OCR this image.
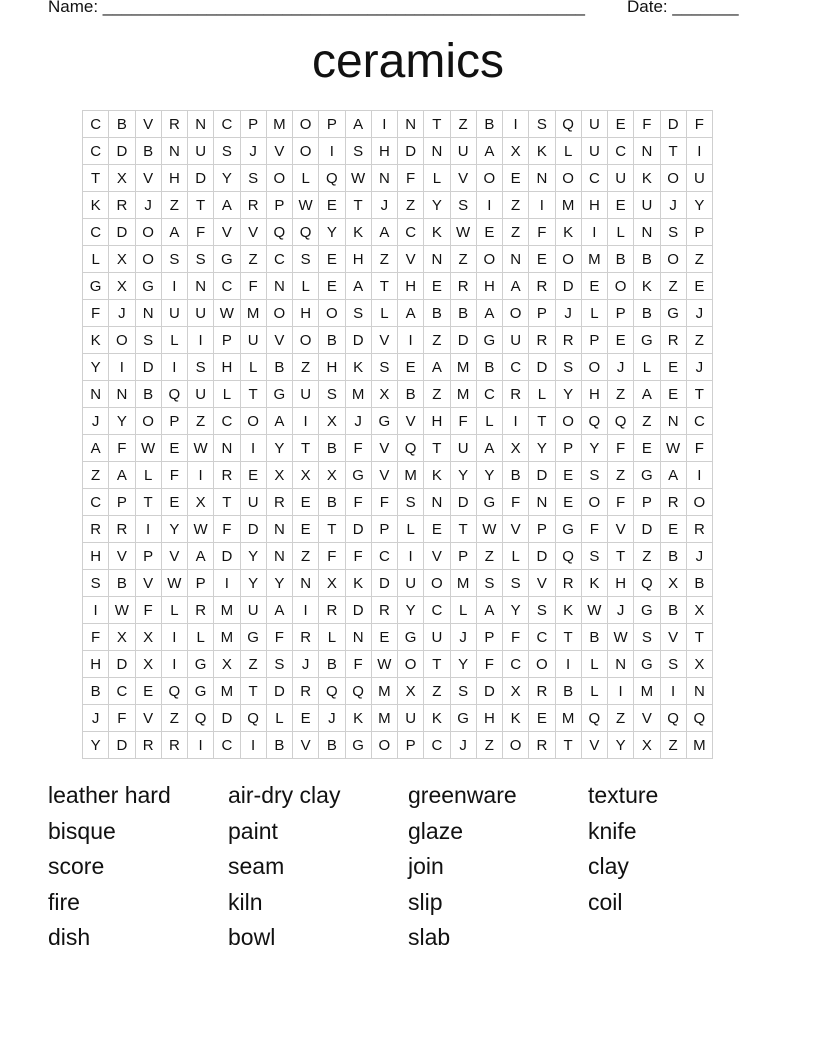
Name: ___________________________________________________ Date: _______
ceramics
C	B	V	R	N	C	P	M	O	P	A	I	N	T	Z	B	I	S	Q	U	E	F	D	F
C	D	B	N	U	S	J	V	O	I	S	H	D	N	U	A	X	K	L	U	C	N	T	I
T	X	V	H	D	Y	S	O	L	Q	W	N	F	L	V	O	E	N	O	C	U	K	O	U
K	R	J	Z	T	A	R	P	W	E	T	J	Z	Y	S	I	Z	I	M	H	E	U	J	Y
C	D	O	A	F	V	V	Q	Q	Y	K	A	C	K	W	E	Z	F	K	I	L	N	S	P
L	X	O	S	S	G	Z	C	S	E	H	Z	V	N	Z	O	N	E	O	M	B	B	O	Z
G	X	G	I	N	C	F	N	L	E	A	T	H	E	R	H	A	R	D	E	O	K	Z	E
F	J	N	U	U	W	M	O	H	O	S	L	A	B	B	A	O	P	J	L	P	B	G	J
K	O	S	L	I	P	U	V	O	B	D	V	I	Z	D	G	U	R	R	P	E	G	R	Z
Y	I	D	I	S	H	L	B	Z	H	K	S	E	A	M	B	C	D	S	O	J	L	E	J
N	N	B	Q	U	L	T	G	U	S	M	X	B	Z	M	C	R	L	Y	H	Z	A	E	T
J	Y	O	P	Z	C	O	A	I	X	J	G	V	H	F	L	I	T	O	Q	Q	Z	N	C
A	F	W	E	W	N	I	Y	T	B	F	V	Q	T	U	A	X	Y	P	Y	F	E	W	F
Z	A	L	F	I	R	E	X	X	X	G	V	M	K	Y	Y	B	D	E	S	Z	G	A	I
C	P	T	E	X	T	U	R	E	B	F	F	S	N	D	G	F	N	E	O	F	P	R	O
R	R	I	Y	W	F	D	N	E	T	D	P	L	E	T	W	V	P	G	F	V	D	E	R
H	V	P	V	A	D	Y	N	Z	F	F	C	I	V	P	Z	L	D	Q	S	T	Z	B	J
S	B	V	W	P	I	Y	Y	N	X	K	D	U	O	M	S	S	V	R	K	H	Q	X	B
I	W	F	L	R	M	U	A	I	R	D	R	Y	C	L	A	Y	S	K	W	J	G	B	X
F	X	X	I	L	M	G	F	R	L	N	E	G	U	J	P	F	C	T	B	W	S	V	T
H	D	X	I	G	X	Z	S	J	B	F	W	O	T	Y	F	C	O	I	L	N	G	S	X
B	C	E	Q	G	M	T	D	R	Q	Q	M	X	Z	S	D	X	R	B	L	I	M	I	N
J	F	V	Z	Q	D	Q	L	E	J	K	M	U	K	G	H	K	E	M	Q	Z	V	Q	Q
Y	D	R	R	I	C	I	B	V	B	G	O	P	C	J	Z	O	R	T	V	Y	X	Z	M
leather hard	air-dry clay	greenware	texture
bisque	paint	glaze	knife
score	seam	join	clay
fire	kiln	slip	coil
dish	bowl	slab
